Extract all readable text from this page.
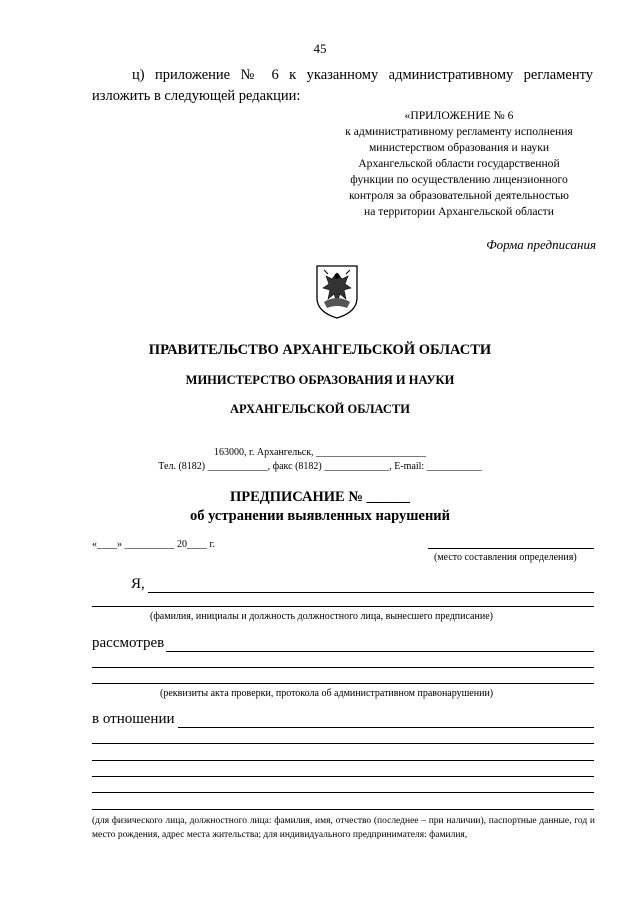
45
ц) приложение № 6 к указанному административному регламенту
изложить в следующей редакции:
«ПРИЛОЖЕНИЕ № 6
к административному регламенту исполнения
министерством образования и науки
Архангельской области государственной
функции по осуществлению лицензионного
контроля за образовательной деятельностью
на территории Архангельской области
Форма предписания
ПРАВИТЕЛЬСТВО АРХАНГЕЛЬСКОЙ ОБЛАСТИ
МИНИСТЕРСТВО ОБРАЗОВАНИЯ И НАУКИ
АРХАНГЕЛЬСКОЙ ОБЛАСТИ
163000, г. Архангельск, ______________________
Тел. (8182) ____________, факс (8182) _____________, E-mail: ___________
ПРЕДПИСАНИЕ № ______
об устранении выявленных нарушений
«____» __________ 20____ г.
(место составления определения)
Я,
(фамилия, инициалы и должность должностного лица, вынесшего предписание)
рассмотрев
(реквизиты акта проверки, протокола об административном правонарушении)
в отношении
(для физического лица, должностного лица: фамилия, имя, отчество (последнее – при наличии), паспортные данные, год и место рождения, адрес места жительства; для индивидуального предпринимателя: фамилия,
